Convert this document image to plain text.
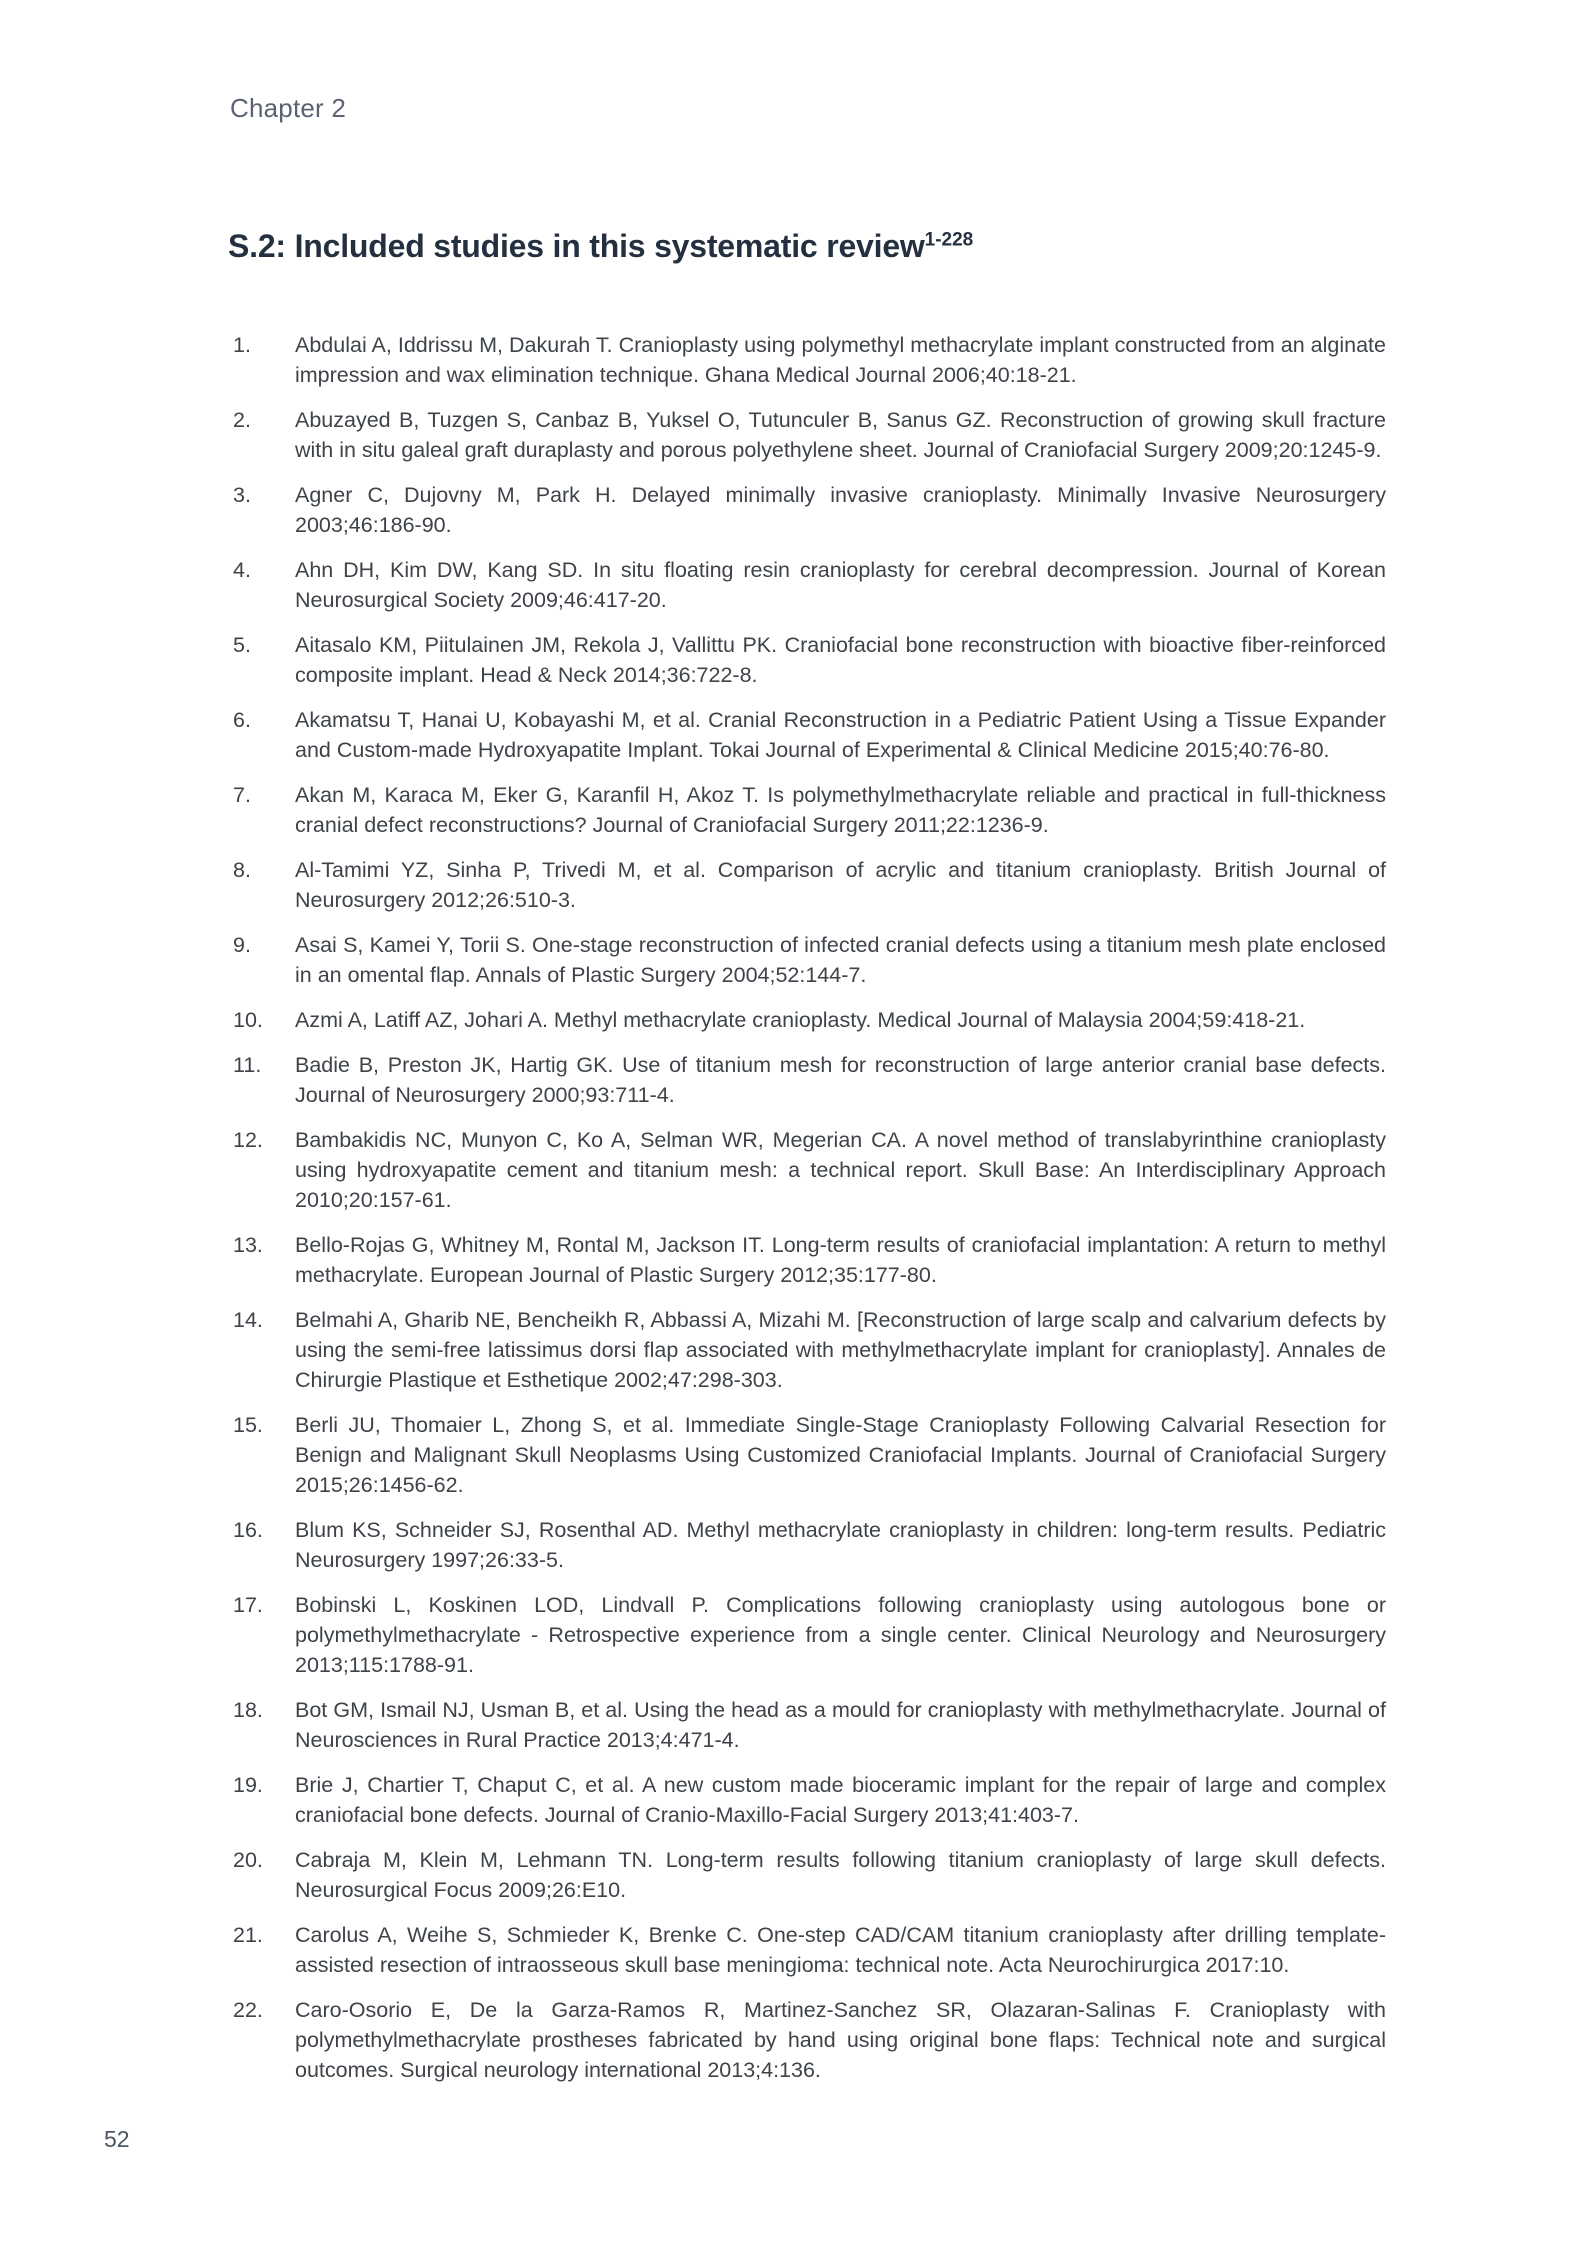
Chapter 2
S.2: Included studies in this systematic review$^{1-228}$
1.	Abdulai A, Iddrissu M, Dakurah T. Cranioplasty using polymethyl methacrylate implant constructed from an alginate impression and wax elimination technique. Ghana Medical Journal 2006;40:18-21.
2.	Abuzayed B, Tuzgen S, Canbaz B, Yuksel O, Tutunculer B, Sanus GZ. Reconstruction of growing skull fracture with in situ galeal graft duraplasty and porous polyethylene sheet. Journal of Craniofacial Surgery 2009;20:1245-9.
3.	Agner C, Dujovny M, Park H. Delayed minimally invasive cranioplasty. Minimally Invasive Neurosurgery 2003;46:186-90.
4.	Ahn DH, Kim DW, Kang SD. In situ floating resin cranioplasty for cerebral decompression. Journal of Korean Neurosurgical Society 2009;46:417-20.
5.	Aitasalo KM, Piitulainen JM, Rekola J, Vallittu PK. Craniofacial bone reconstruction with bioactive fiber-reinforced composite implant. Head & Neck 2014;36:722-8.
6.	Akamatsu T, Hanai U, Kobayashi M, et al. Cranial Reconstruction in a Pediatric Patient Using a Tissue Expander and Custom-made Hydroxyapatite Implant. Tokai Journal of Experimental & Clinical Medicine 2015;40:76-80.
7.	Akan M, Karaca M, Eker G, Karanfil H, Akoz T. Is polymethylmethacrylate reliable and practical in full-thickness cranial defect reconstructions? Journal of Craniofacial Surgery 2011;22:1236-9.
8.	Al-Tamimi YZ, Sinha P, Trivedi M, et al. Comparison of acrylic and titanium cranioplasty. British Journal of Neurosurgery 2012;26:510-3.
9.	Asai S, Kamei Y, Torii S. One-stage reconstruction of infected cranial defects using a titanium mesh plate enclosed in an omental flap. Annals of Plastic Surgery 2004;52:144-7.
10.	Azmi A, Latiff AZ, Johari A. Methyl methacrylate cranioplasty. Medical Journal of Malaysia 2004;59:418-21.
11.	Badie B, Preston JK, Hartig GK. Use of titanium mesh for reconstruction of large anterior cranial base defects. Journal of Neurosurgery 2000;93:711-4.
12.	Bambakidis NC, Munyon C, Ko A, Selman WR, Megerian CA. A novel method of translabyrinthine cranioplasty using hydroxyapatite cement and titanium mesh: a technical report. Skull Base: An Interdisciplinary Approach 2010;20:157-61.
13.	Bello-Rojas G, Whitney M, Rontal M, Jackson IT. Long-term results of craniofacial implantation: A return to methyl methacrylate. European Journal of Plastic Surgery 2012;35:177-80.
14.	Belmahi A, Gharib NE, Bencheikh R, Abbassi A, Mizahi M. [Reconstruction of large scalp and calvarium defects by using the semi-free latissimus dorsi flap associated with methylmethacrylate implant for cranioplasty]. Annales de Chirurgie Plastique et Esthetique 2002;47:298-303.
15.	Berli JU, Thomaier L, Zhong S, et al. Immediate Single-Stage Cranioplasty Following Calvarial Resection for Benign and Malignant Skull Neoplasms Using Customized Craniofacial Implants. Journal of Craniofacial Surgery 2015;26:1456-62.
16.	Blum KS, Schneider SJ, Rosenthal AD. Methyl methacrylate cranioplasty in children: long-term results. Pediatric Neurosurgery 1997;26:33-5.
17.	Bobinski L, Koskinen LOD, Lindvall P. Complications following cranioplasty using autologous bone or polymethylmethacrylate - Retrospective experience from a single center. Clinical Neurology and Neurosurgery 2013;115:1788-91.
18.	Bot GM, Ismail NJ, Usman B, et al. Using the head as a mould for cranioplasty with methylmethacrylate. Journal of Neurosciences in Rural Practice 2013;4:471-4.
19.	Brie J, Chartier T, Chaput C, et al. A new custom made bioceramic implant for the repair of large and complex craniofacial bone defects. Journal of Cranio-Maxillo-Facial Surgery 2013;41:403-7.
20.	Cabraja M, Klein M, Lehmann TN. Long-term results following titanium cranioplasty of large skull defects. Neurosurgical Focus 2009;26:E10.
21.	Carolus A, Weihe S, Schmieder K, Brenke C. One-step CAD/CAM titanium cranioplasty after drilling template-assisted resection of intraosseous skull base meningioma: technical note. Acta Neurochirurgica 2017:10.
22.	Caro-Osorio E, De la Garza-Ramos R, Martinez-Sanchez SR, Olazaran-Salinas F. Cranioplasty with polymethylmethacrylate prostheses fabricated by hand using original bone flaps: Technical note and surgical outcomes. Surgical neurology international 2013;4:136.
52
